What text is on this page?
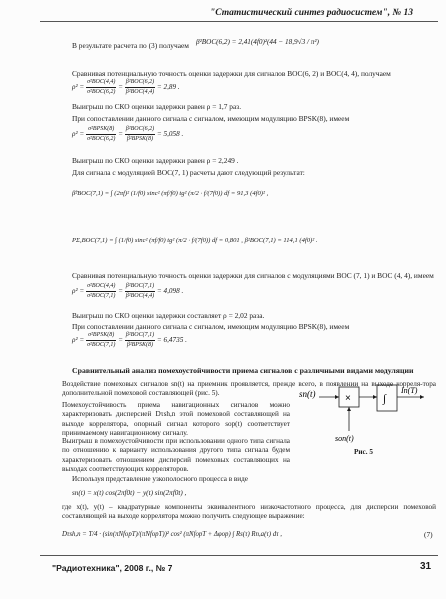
"Статистический синтез радиосистем", № 13
В результате расчета по (3) получаем β²BOC(6,2) = 2,41(4f0)²(44 − 18,9√3 / π²)
Сравнивая потенциальную точность оценки задержки для сигналов BOC(6, 2) и BOC(4, 4), получаем
$\rho^2 = \frac{\text{σ²BOC(4,4)}}{\text{σ²BOC(6,2)}} = \frac{\text{β²BOC(6,2)}}{\text{β²BOC(4,4)}} = 2,89$ .
Выигрыш по СКО оценки задержки равен ρ = 1,7 раз.
При сопоставлении данного сигнала с сигналом, имеющим модуляцию BPSK(8), имеем
$\rho^2 = \frac{\text{σ²BPSK(8)}}{\text{σ²BOC(6,2)}} = \frac{\text{β²BOC(6,2)}}{\text{β²BPSK(8)}} = 5,058$ .
Выигрыш по СКО оценки задержки равен ρ = 2,249 .
Для сигнала с модуляцией BOC(7, 1) расчеты дают следующий результат:
β̃²BOC(7,1) = ∫ (2πf)² (1/f0) sinc² (πf/f0) tg² (π/2 · f/(7f0)) df = 91,3 (4f0)² ,
PΣ,BOC(7,1) = ∫ (1/f0) sinc² (πf/f0) tg² (π/2 · f/(7f0)) df = 0,801 , β²BOC(7,1) = 114,1 (4f0)² .
Сравнивая потенциальную точность оценки задержки для сигналов с модуляциями BOC (7, 1) и BOC (4, 4), имеем
$\rho^2 = \frac{\text{σ²BOC(4,4)}}{\text{σ²BOC(7,1)}} = \frac{\text{β²BOC(7,1)}}{\text{β²BOC(4,4)}} = 4,098$ .
Выигрыш по СКО оценки задержки составляет ρ = 2,02 раза.
При сопоставлении данного сигнала с сигналом, имеющим модуляцию BPSK(8), имеем
$\rho^2 = \frac{\text{σ²BPSK(8)}}{\text{σ²BOC(7,1)}} = \frac{\text{β²BOC(7,1)}}{\text{β²BPSK(8)}} = 6,4735$ .
Сравнительный анализ помехоустойчивости приема сигналов с различными видами модуляции
Воздействие помеховых сигналов sn(t) на приемник проявляется, прежде всего, в появлении на выходе корреля-тора дополнительной помеховой составляющей (рис. 5).
Помехоустойчивость приема навигационных сигналов можно характеризовать дисперсией Dτsh,n этой помеховой составляющей на выходе коррелятора, опорный сигнал которого sop(t) соответствует принимаемому навигационному сигналу.
Выигрыш в помехоустойчивости при использовании одного типа сигнала по отношению к варианту использования другого типа сигнала будем характеризовать отношением дисперсий помеховых составляющих на выходах соответствующих корреляторов.
Используя представление узкополосного процесса в виде
sn(t) = x(t) cos(2πf0t) − y(t) sin(2πf0t) ,
где x(t), y(t) – квадратурные компоненты эквивалентного низкочастотного процесса, для дисперсии помеховой составляющей на выходе коррелятора можно получить следующее выражение:
Dτsh,n = T/4 · (sin(πNfopT)/(πNfopT))² cos² (πNfopT + Δφop) ∫ Rs(τ) Rn,a(τ) dτ ,	(7)
sn(t)	×	∫
Iп(T)
sоп(t)
Рис. 5
"Радиотехника", 2008 г., № 7	31
